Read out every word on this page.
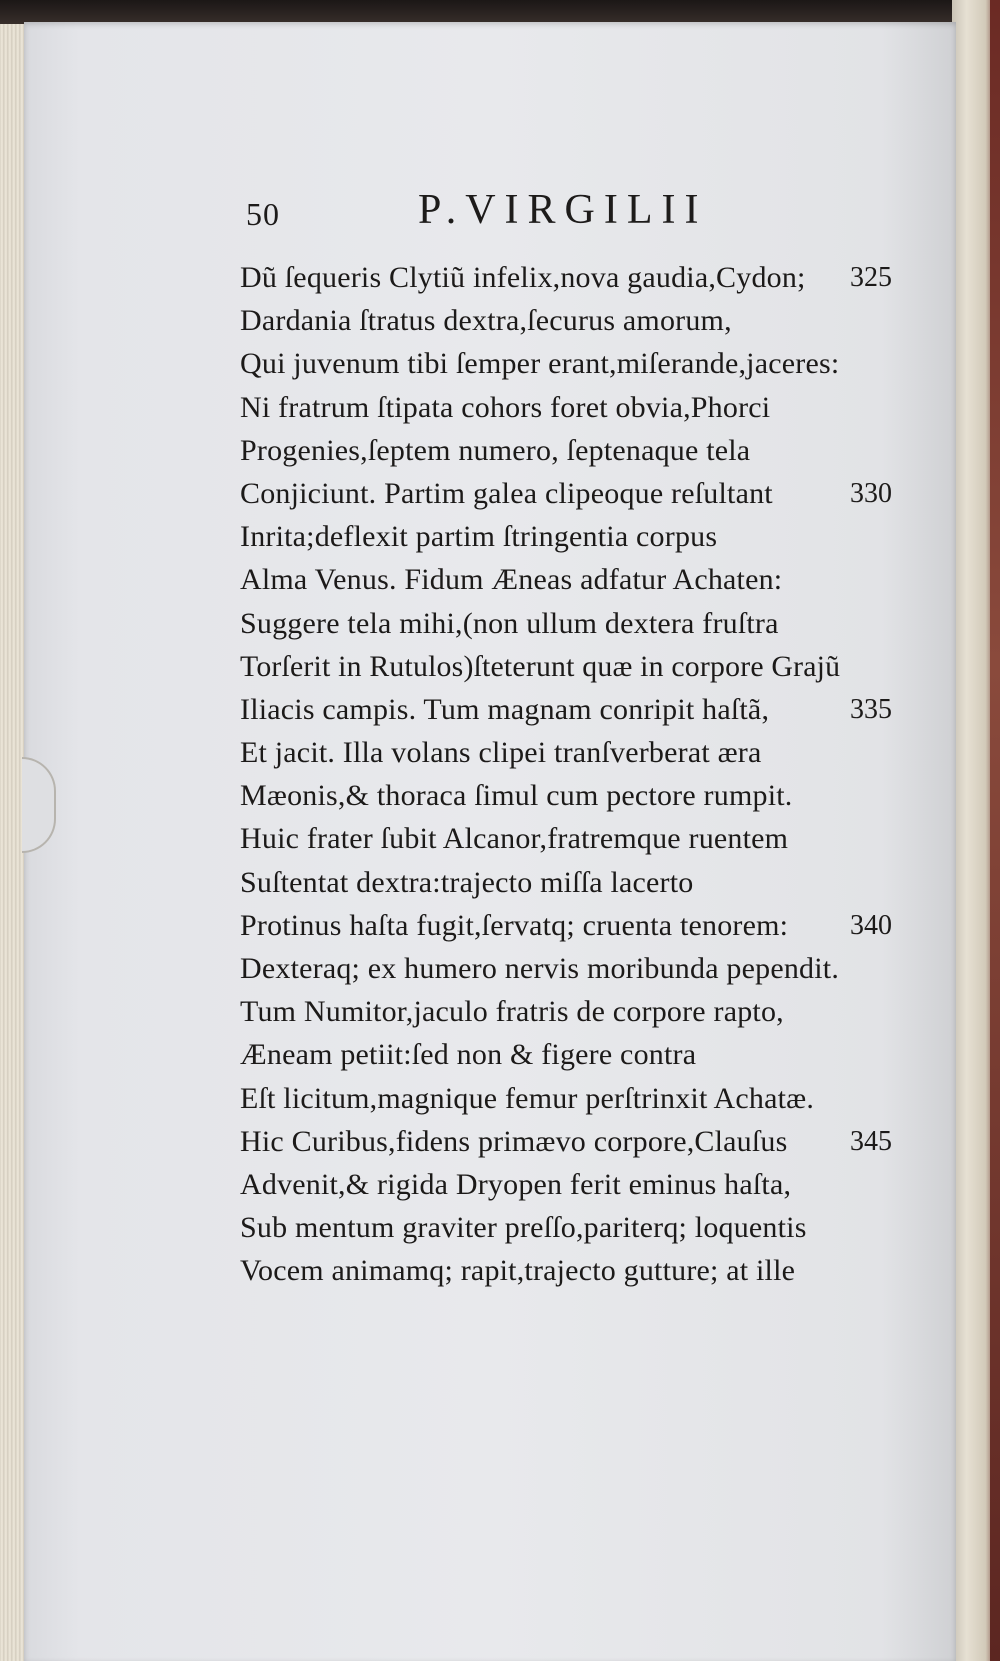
50	P.VIRGILII
Dũ ſequeris Clytiũ infelix,nova gaudia,Cydon; 325
Dardania ſtratus dextra,ſecurus amorum,
Qui juvenum tibi ſemper erant,miſerande,jaceres:
Ni fratrum ſtipata cohors foret obvia,Phorci
Progenies,ſeptem numero, ſeptenaque tela
Conjiciunt. Partim galea clipeoque reſultant	330
Inrita;deflexit partim ſtringentia corpus
Alma Venus. Fidum Æneas adfatur Achaten:
Suggere tela mihi,(non ullum dextera fruſtra
Torſerit in Rutulos)ſteterunt quæ in corpore Grajũ
Iliacis campis. Tum magnam conripit haſtã,	335
Et jacit. Illa volans clipei tranſverberat æra
Mæonis,& thoraca ſimul cum pectore rumpit.
Huic frater ſubit Alcanor,fratremque ruentem
Suſtentat dextra:trajecto miſſa lacerto
Protinus haſta fugit,ſervatq; cruenta tenorem: 340
Dexteraq; ex humero nervis moribunda pependit.
Tum Numitor,jaculo fratris de corpore rapto,
Æneam petiit:ſed non & figere contra
Eſt licitum,magnique femur perſtrinxit Achatæ.
Hic Curibus,fidens primævo corpore,Clauſus 345
Advenit,& rigida Dryopen ferit eminus haſta,
Sub mentum graviter preſſo,pariterq; loquentis
Vocem animamq; rapit,trajecto gutture; at ille
